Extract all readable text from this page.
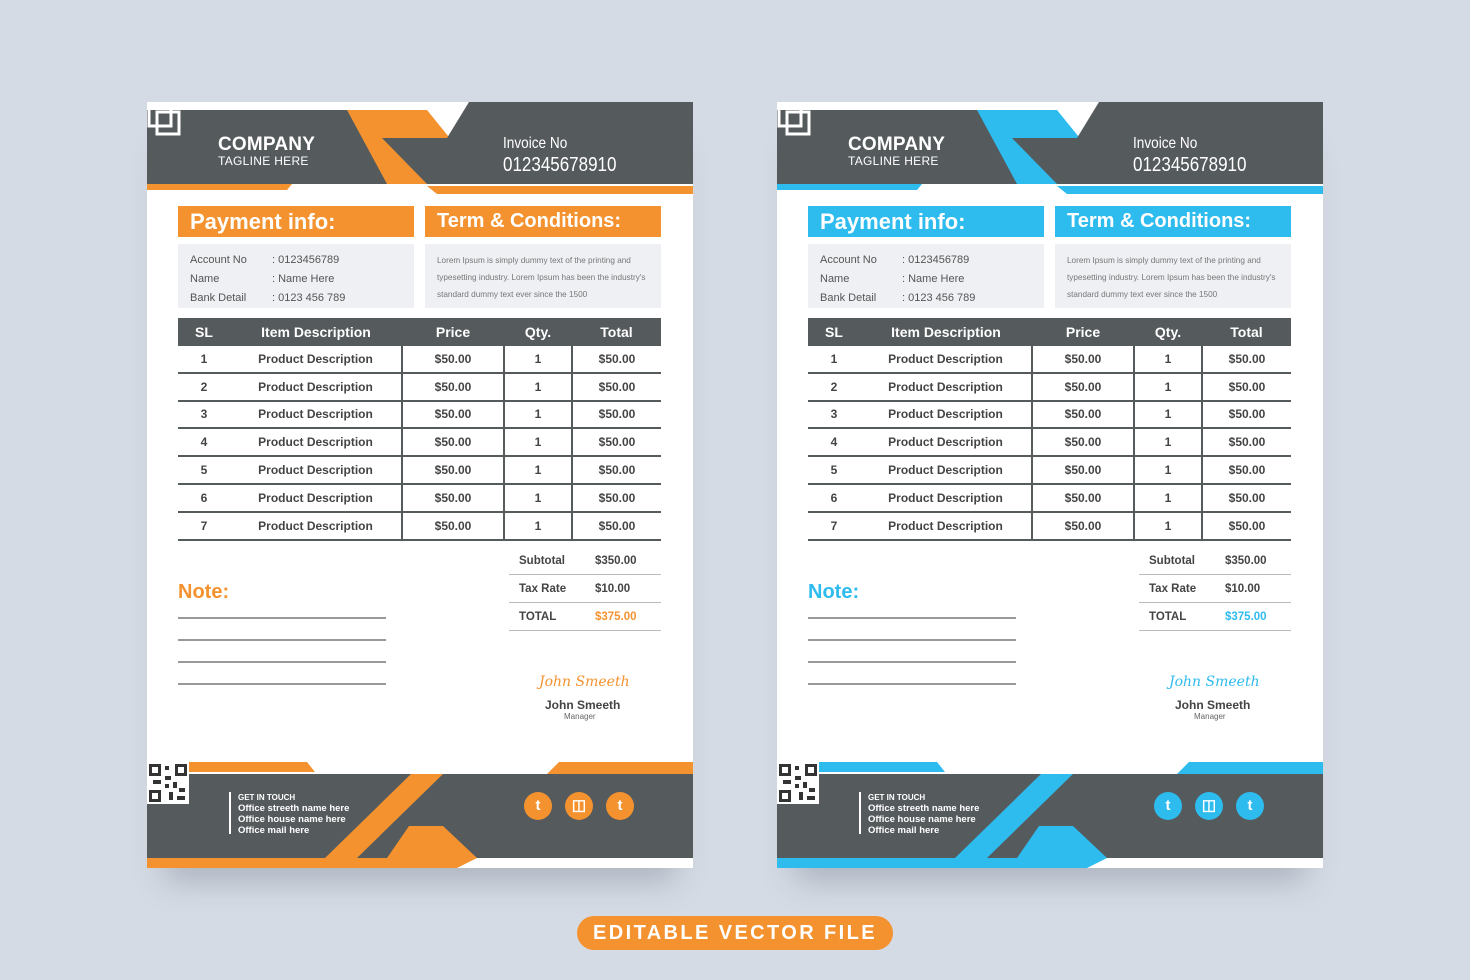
COMPANY
TAGLINE HERE
Invoice No
012345678910
Payment info:	Term & Conditions:
Account No	: 0123456789
Name	: Name Here
Bank Detail	: 0123 456 789
Lorem Ipsum is simply dummy text of the printing and typesetting industry. Lorem Ipsum has been the industry's standard dummy text ever since the 1500
SL	Item Description	Price	Qty.	Total
1	Product Description	$50.00	1	$50.00
2	Product Description	$50.00	1	$50.00
3	Product Description	$50.00	1	$50.00
4	Product Description	$50.00	1	$50.00
5	Product Description	$50.00	1	$50.00
6	Product Description	$50.00	1	$50.00
7	Product Description	$50.00	1	$50.00
Subtotal	$350.00
Tax Rate	$10.00
TOTAL	$375.00
Note:
John Smeeth
John Smeeth
Manager
GET IN TOUCH
Office streeth name here
Office house name here
Office mail here
t	◫	t
COMPANY
TAGLINE HERE
Invoice No
012345678910
Payment info:	Term & Conditions:
Account No	: 0123456789
Name	: Name Here
Bank Detail	: 0123 456 789
Lorem Ipsum is simply dummy text of the printing and typesetting industry. Lorem Ipsum has been the industry's standard dummy text ever since the 1500
SL	Item Description	Price	Qty.	Total
1	Product Description	$50.00	1	$50.00
2	Product Description	$50.00	1	$50.00
3	Product Description	$50.00	1	$50.00
4	Product Description	$50.00	1	$50.00
5	Product Description	$50.00	1	$50.00
6	Product Description	$50.00	1	$50.00
7	Product Description	$50.00	1	$50.00
Subtotal	$350.00
Tax Rate	$10.00
TOTAL	$375.00
Note:
John Smeeth
John Smeeth
Manager
GET IN TOUCH
Office streeth name here
Office house name here
Office mail here
t	◫	t
EDITABLE VECTOR FILE
